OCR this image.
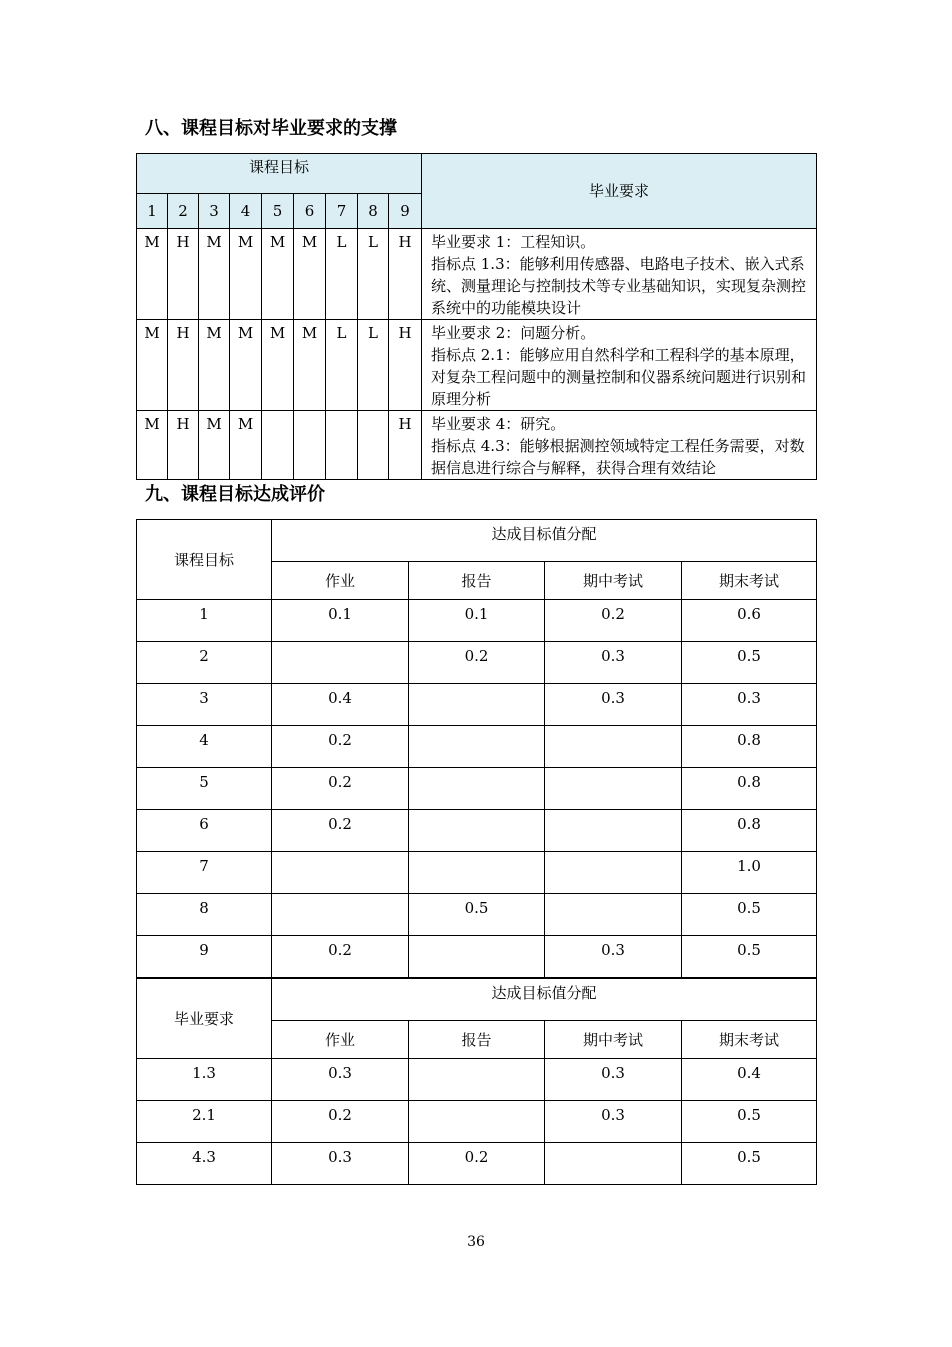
八、课程目标对毕业要求的支撑
课程目标									毕业要求
1	2	3	4	5	6	7	8	9	
M	H	M	M	M	M	L	L	H	毕业要求 1：工程知识。
指标点 1.3：能够利用传感器、电路电子技术、嵌入式系统、测量理论与控制技术等专业基础知识，实现复杂测控系统中的功能模块设计

M	H	M	M	M	M	L	L	H	毕业要求 2：问题分析。
指标点 2.1：能够应用自然科学和工程科学的基本原理，对复杂工程问题中的测量控制和仪器系统问题进行识别和原理分析

M	H	M	M					H	毕业要求 4：研究。
指标点 4.3：能够根据测控领域特定工程任务需要，对数据信息进行综合与解释，获得合理有效结论
九、课程目标达成评价
课程目标	达成目标值分配			
	作业	报告	期中考试	期末考试
1	0.1	0.1	0.2	0.6
2		0.2	0.3	0.5
3	0.4		0.3	0.3
4	0.2			0.8
5	0.2			0.8
6	0.2			0.8
7				1.0
8		0.5		0.5
9	0.2		0.3	0.5
毕业要求	达成目标值分配			
	作业	报告	期中考试	期末考试
1.3	0.3		0.3	0.4
2.1	0.2		0.3	0.5
4.3	0.3	0.2		0.5
36
